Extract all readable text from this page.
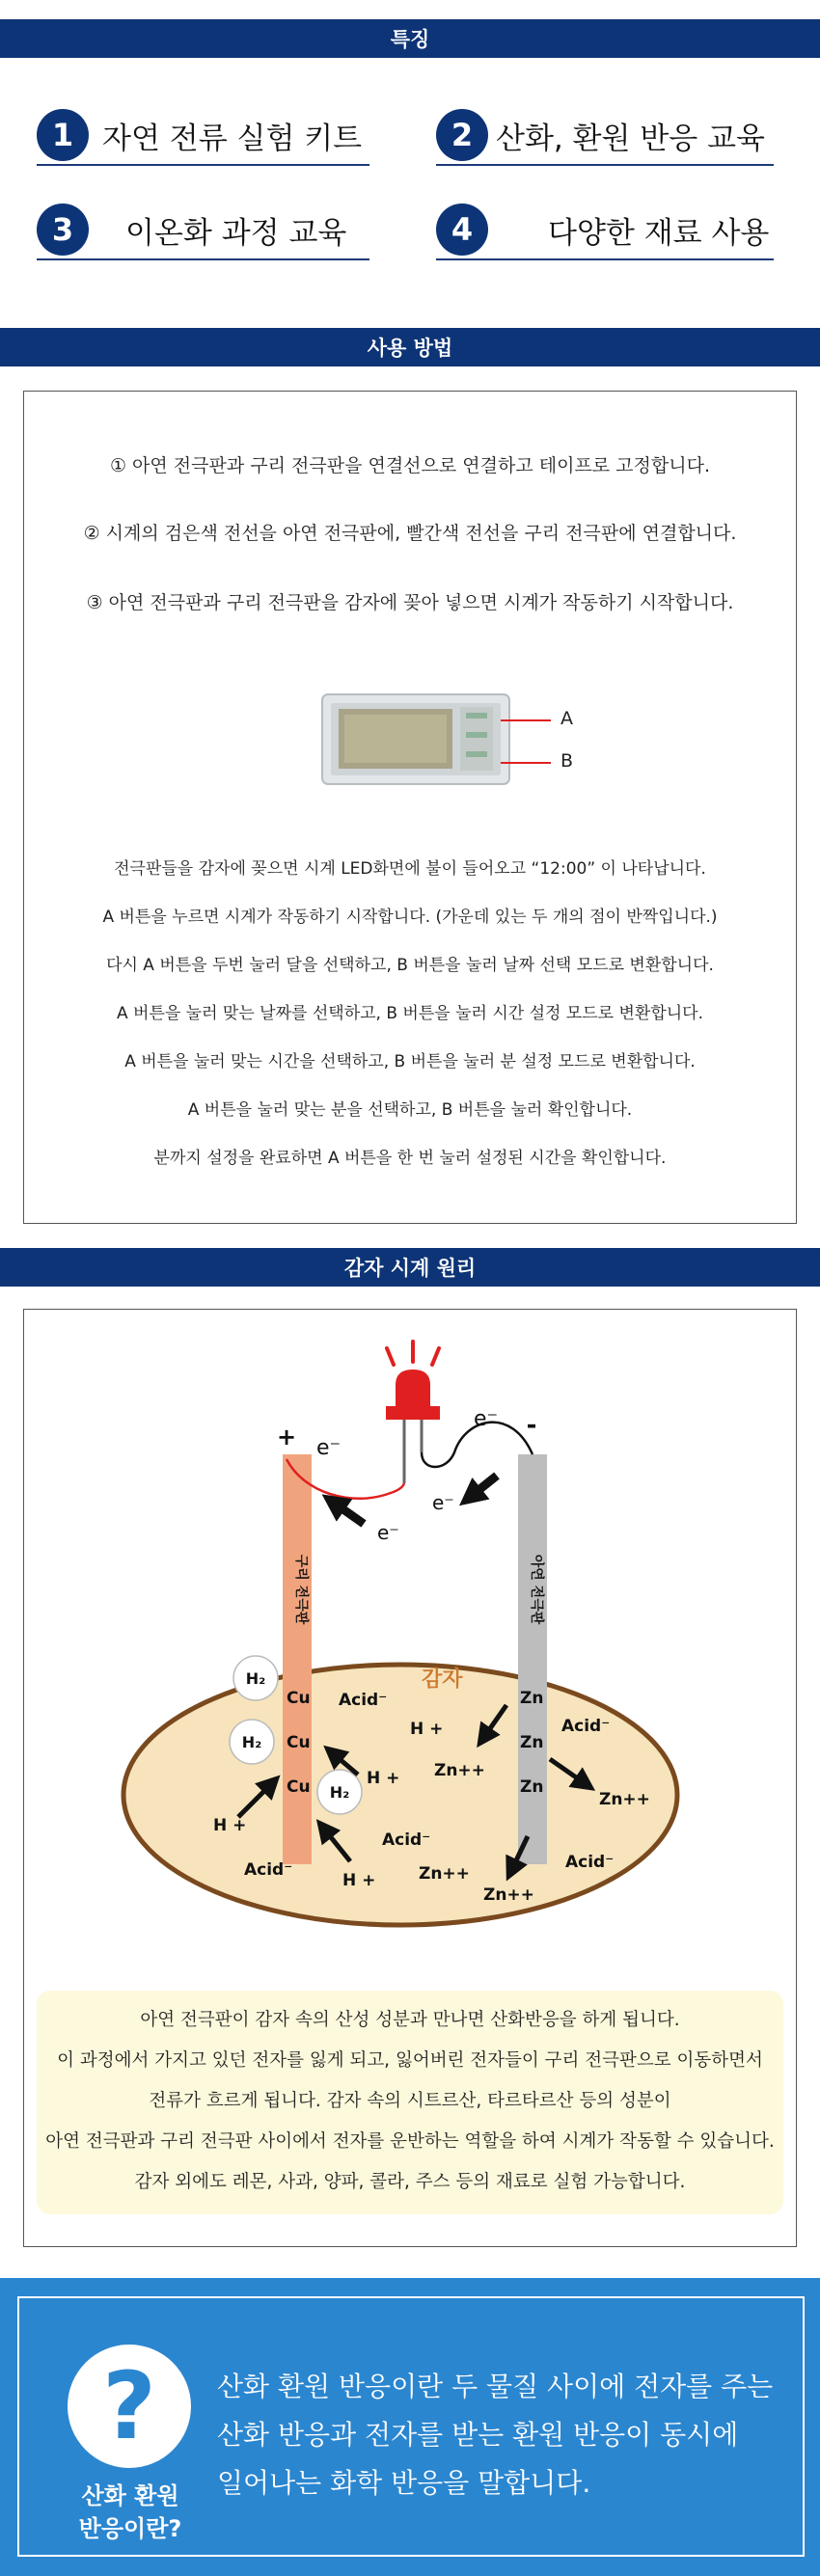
특징
1 자연 전류 실험 키트	2 산화, 환원 반응 교육
3	이온화 과정 교육	4	다양한 재료 사용
사용 방법
① 아연 전극판과 구리 전극판을 연결선으로 연결하고 테이프로 고정합니다.
② 시계의 검은색 전선을 아연 전극판에, 빨간색 전선을 구리 전극판에 연결합니다.
③ 아연 전극판과 구리 전극판을 감자에 꽂아 넣으면 시계가 작동하기 시작합니다.
A
B
전극판들을 감자에 꽂으면 시계 LED화면에 불이 들어오고 “12:00” 이 나타납니다.
A 버튼을 누르면 시계가 작동하기 시작합니다. (가운데 있는 두 개의 점이 반짝입니다.)
다시 A 버튼을 두번 눌러 달을 선택하고, B 버튼을 눌러 날짜 선택 모드로 변환합니다.
A 버튼을 눌러 맞는 날짜를 선택하고, B 버튼을 눌러 시간 설정 모드로 변환합니다.
A 버튼을 눌러 맞는 시간을 선택하고, B 버튼을 눌러 분 설정 모드로 변환합니다.
A 버튼을 눌러 맞는 분을 선택하고, B 버튼을 눌러 확인합니다.
분까지 설정을 완료하면 A 버튼을 한 번 눌러 설정된 시간을 확인합니다.
감자 시계 원리
감자
구리 전극판	아연 전극판
+	-
e⁻
e⁻
e⁻
e⁻
Cu
Cu
Cu
Zn
Zn
Zn
H₂
H₂
H₂
Acid⁻
H +
H + Zn++
Acid⁻
Zn++
H +
Acid⁻
Acid⁻	Zn++
H +
Acid⁻
Zn++
아연 전극판이 감자 속의 산성 성분과 만나면 산화반응을 하게 됩니다.
이 과정에서 가지고 있던 전자를 잃게 되고, 잃어버린 전자들이 구리 전극판으로 이동하면서
전류가 흐르게 됩니다. 감자 속의 시트르산, 타르타르산 등의 성분이
아연 전극판과 구리 전극판 사이에서 전자를 운반하는 역할을 하여 시계가 작동할 수 있습니다.
감자 외에도 레몬, 사과, 양파, 콜라, 주스 등의 재료로 실험 가능합니다.
?
산화 환원
반응이란?
산화 환원 반응이란 두 물질 사이에 전자를 주는
산화 반응과 전자를 받는 환원 반응이 동시에
일어나는 화학 반응을 말합니다.
